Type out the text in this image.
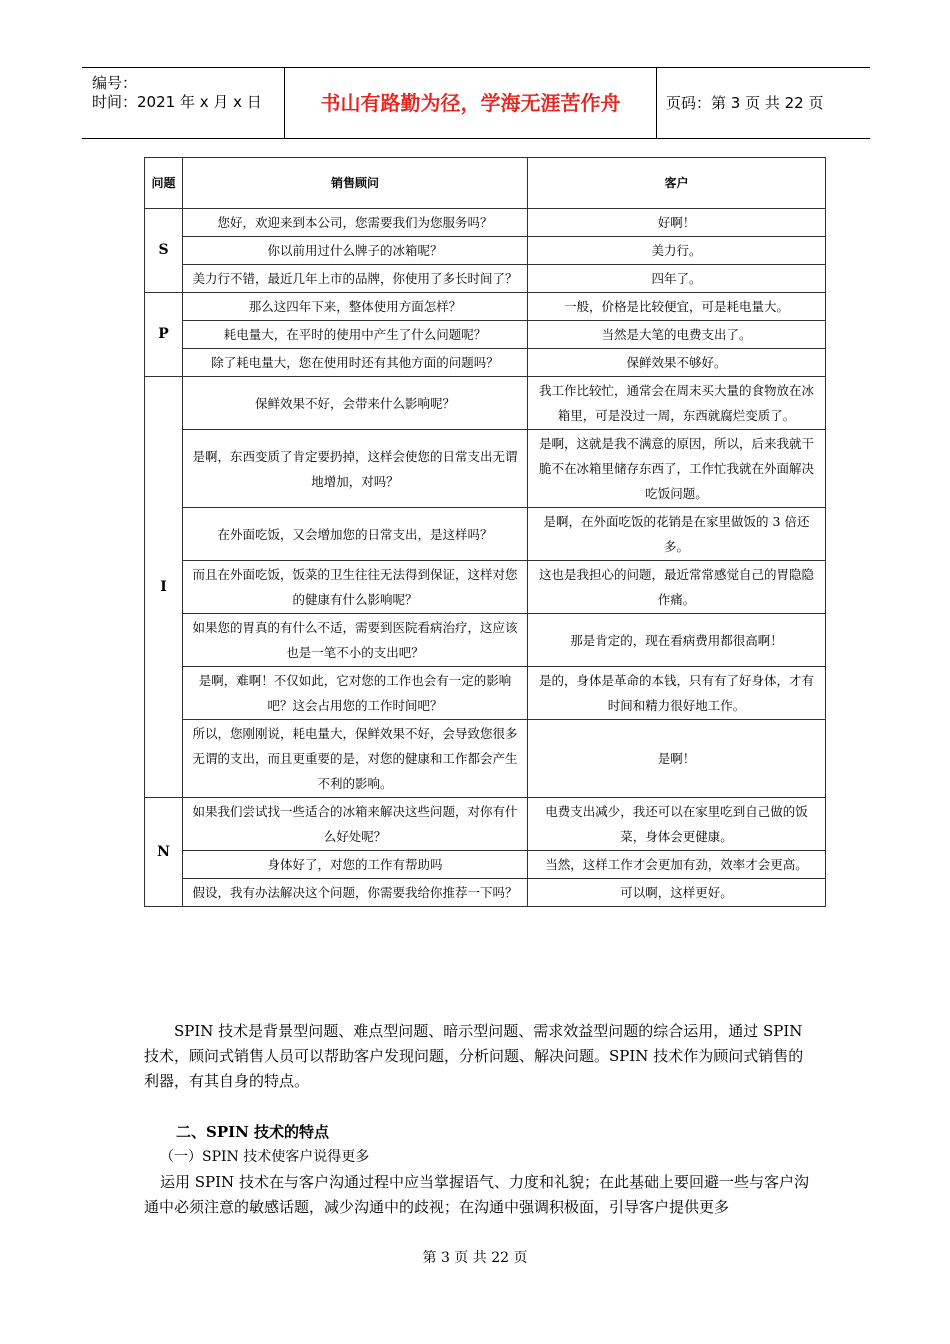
编号：
时间：2021 年 x 月 x 日	书山有路勤为径，学海无涯苦作舟	页码：第 3 页 共 22 页
问题	销售顾问	客户
S	您好，欢迎来到本公司，您需要我们为您服务吗？	好啊！
	你以前用过什么牌子的冰箱呢？	美力行。
	美力行不错，最近几年上市的品牌，你使用了多长时间了？	四年了。
P	那么这四年下来，整体使用方面怎样？	一般，价格是比较便宜，可是耗电量大。
	耗电量大，在平时的使用中产生了什么问题呢？	当然是大笔的电费支出了。
	除了耗电量大，您在使用时还有其他方面的问题吗？	保鲜效果不够好。
I	保鲜效果不好，会带来什么影响呢？	我工作比较忙，通常会在周末买大量的食物放在冰箱里，可是没过一周，东西就腐烂变质了。
	是啊，东西变质了肯定要扔掉，这样会使您的日常支出无谓地增加，对吗？	是啊，这就是我不满意的原因，所以，后来我就干脆不在冰箱里储存东西了，工作忙我就在外面解决吃饭问题。
	在外面吃饭，又会增加您的日常支出，是这样吗？	是啊，在外面吃饭的花销是在家里做饭的 3 倍还多。
	而且在外面吃饭，饭菜的卫生往往无法得到保证，这样对您的健康有什么影响呢？	这也是我担心的问题，最近常常感觉自己的胃隐隐作痛。
	如果您的胃真的有什么不适，需要到医院看病治疗，这应该也是一笔不小的支出吧？	那是肯定的，现在看病费用都很高啊！
	是啊，难啊！不仅如此，它对您的工作也会有一定的影响吧？这会占用您的工作时间吧？	是的，身体是革命的本钱，只有有了好身体，才有时间和精力很好地工作。
	所以，您刚刚说，耗电量大，保鲜效果不好，会导致您很多无谓的支出，而且更重要的是，对您的健康和工作都会产生不利的影响。	是啊！
N	如果我们尝试找一些适合的冰箱来解决这些问题，对你有什么好处呢？	电费支出减少，我还可以在家里吃到自己做的饭菜，身体会更健康。
	身体好了，对您的工作有帮助吗	当然，这样工作才会更加有劲，效率才会更高。
	假设，我有办法解决这个问题，你需要我给你推荐一下吗？	可以啊，这样更好。
SPIN 技术是背景型问题、难点型问题、暗示型问题、需求效益型问题的综合运用，通过 SPIN 技术，顾问式销售人员可以帮助客户发现问题，分析问题、解决问题。SPIN 技术作为顾问式销售的利器，有其自身的特点。
二、SPIN 技术的特点
（一）SPIN 技术使客户说得更多
运用 SPIN 技术在与客户沟通过程中应当掌握语气、力度和礼貌；在此基础上要回避一些与客户沟通中必须注意的敏感话题，减少沟通中的歧视；在沟通中强调积极面，引导客户提供更多
第 3 页 共 22 页
